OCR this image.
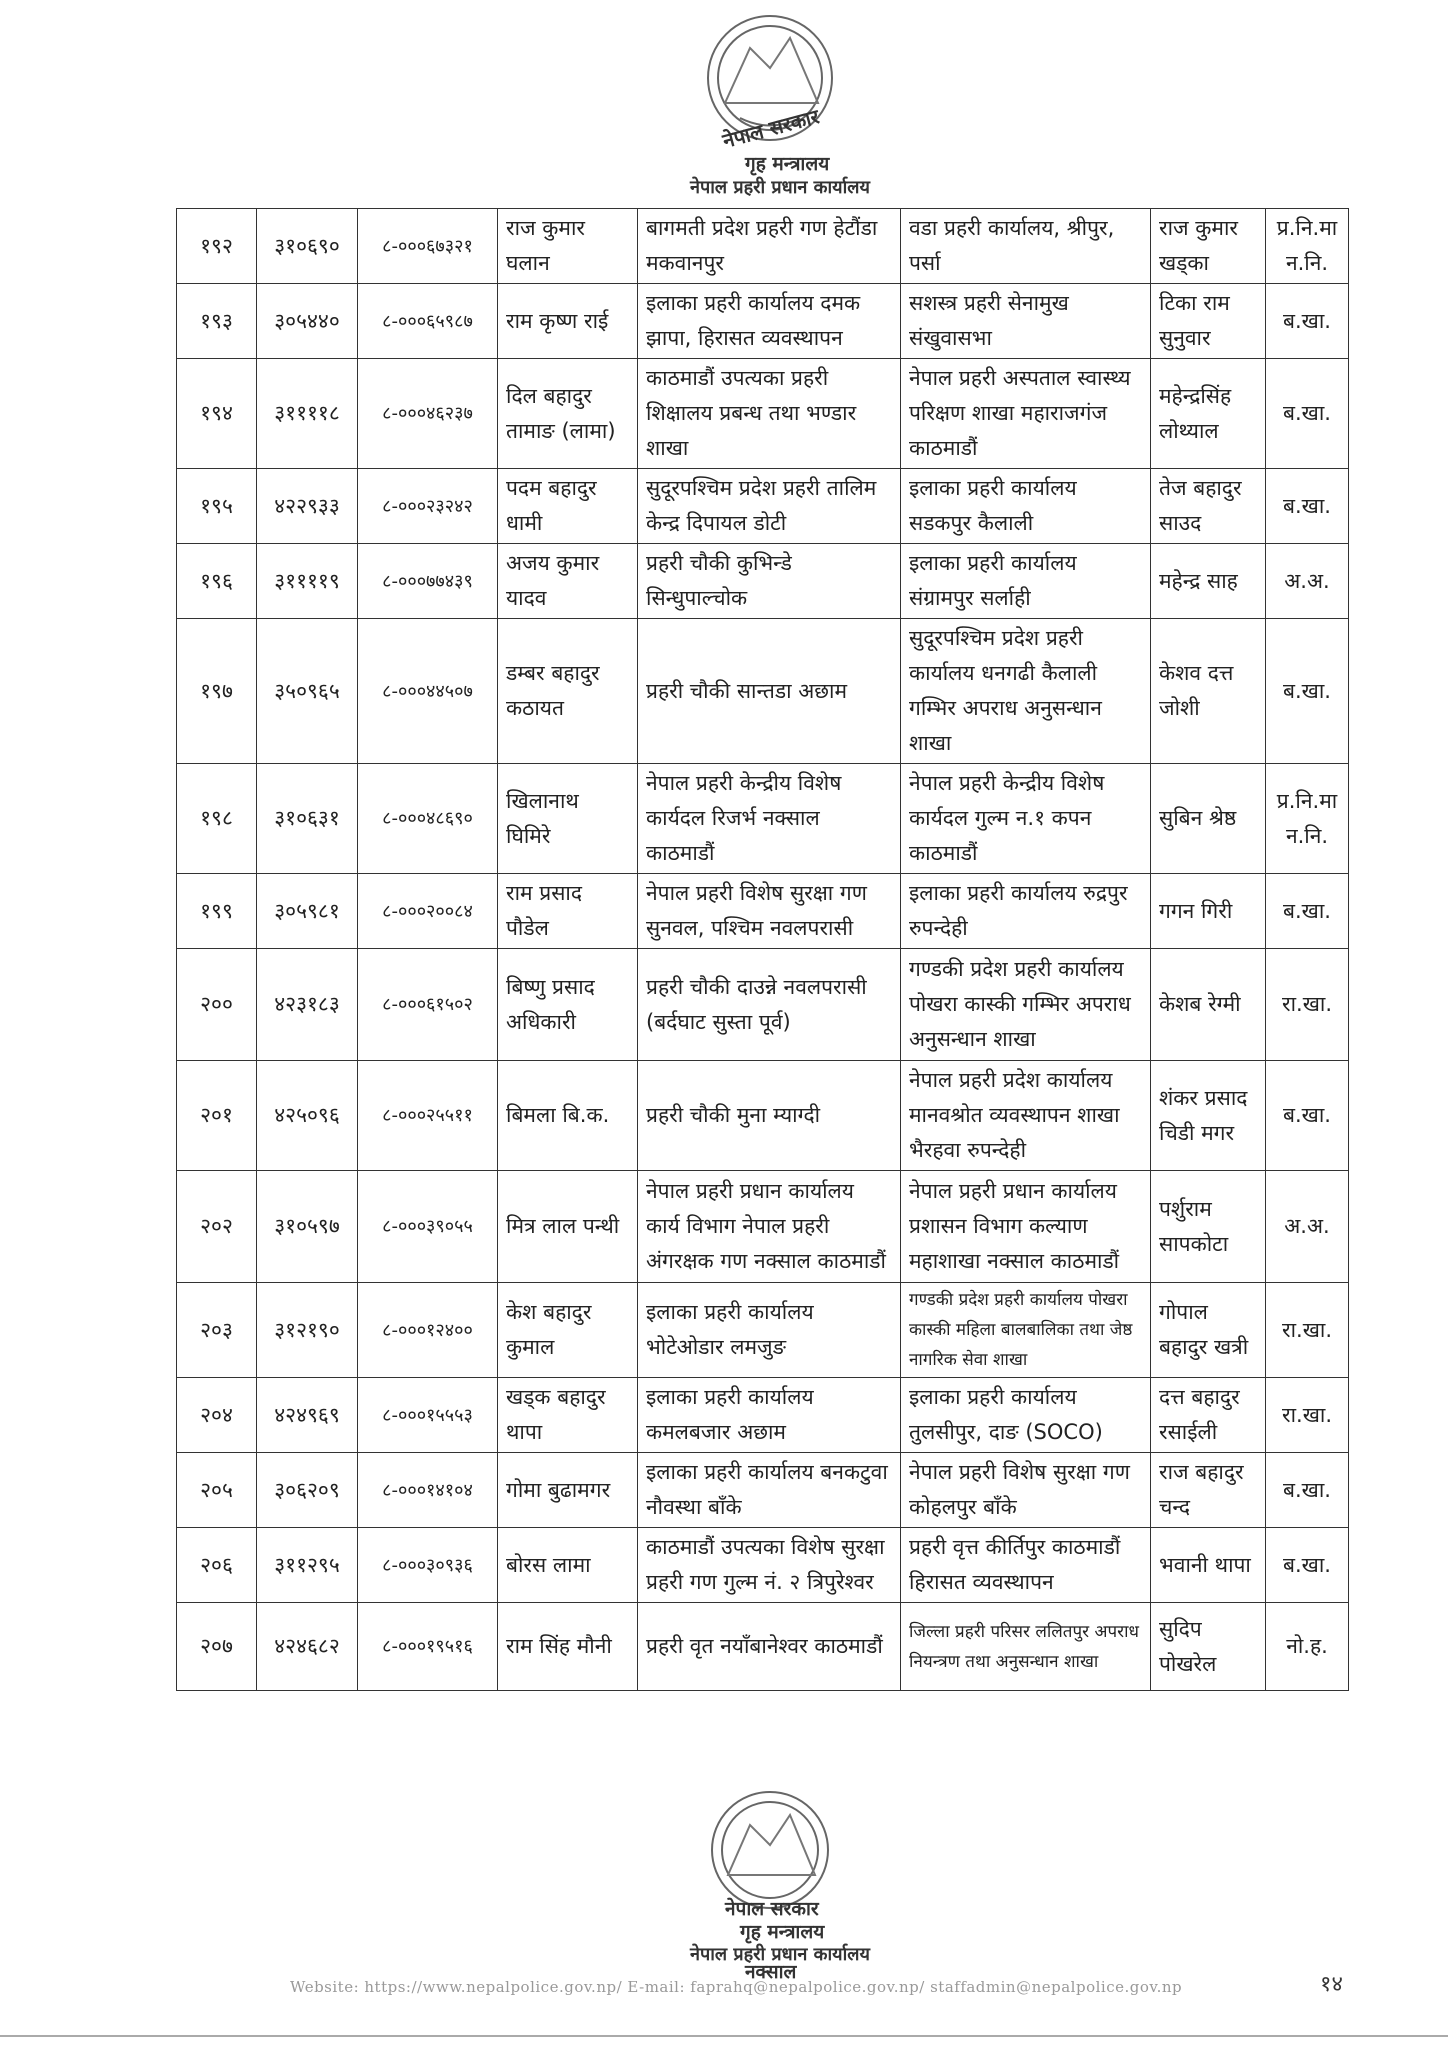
नेपाल सरकार
गृह मन्त्रालय
नेपाल प्रहरी प्रधान कार्यालय
१९२	३१०६९०	८-०००६७३२१	राज कुमार घलान	बागमती प्रदेश प्रहरी गण हेटौंडा मकवानपुर	वडा प्रहरी कार्यालय, श्रीपुर, पर्सा	राज कुमार खड्का	प्र.नि.मा न.नि.
१९३	३०५४४०	८-०००६५९८७	राम कृष्ण राई	इलाका प्रहरी कार्यालय दमक झापा, हिरासत व्यवस्थापन	सशस्त्र प्रहरी सेनामुख संखुवासभा	टिका राम सुनुवार	ब.खा.
१९४	३११११८	८-०००४६२३७	दिल बहादुर तामाङ (लामा)	काठमाडौं उपत्यका प्रहरी शिक्षालय प्रबन्ध तथा भण्डार शाखा	नेपाल प्रहरी अस्पताल स्वास्थ्य परिक्षण शाखा महाराजगंज काठमाडौं	महेन्द्रसिंह लोथ्याल	ब.खा.
१९५	४२२९३३	८-०००२३२४२	पदम बहादुर धामी	सुदूरपश्चिम प्रदेश प्रहरी तालिम केन्द्र दिपायल डोटी	इलाका प्रहरी कार्यालय सडकपुर कैलाली	तेज बहादुर साउद	ब.खा.
१९६	३११११९	८-०००७७४३९	अजय कुमार यादव	प्रहरी चौकी कुभिन्डे सिन्धुपाल्चोक	इलाका प्रहरी कार्यालय संग्रामपुर सर्लाही	महेन्द्र साह	अ.अ.
१९७	३५०९६५	८-०००४४५०७	डम्बर बहादुर कठायत	प्रहरी चौकी सान्तडा अछाम	सुदूरपश्चिम प्रदेश प्रहरी कार्यालय धनगढी कैलाली गम्भिर अपराध अनुसन्धान शाखा	केशव दत्त जोशी	ब.खा.
१९८	३१०६३१	८-०००४८६९०	खिलानाथ घिमिरे	नेपाल प्रहरी केन्द्रीय विशेष कार्यदल रिजर्भ नक्साल काठमाडौं	नेपाल प्रहरी केन्द्रीय विशेष कार्यदल गुल्म न.१ कपन काठमाडौं	सुबिन श्रेष्ठ	प्र.नि.मा न.नि.
१९९	३०५९८१	८-०००२००८४	राम प्रसाद पौडेल	नेपाल प्रहरी विशेष सुरक्षा गण सुनवल, पश्चिम नवलपरासी	इलाका प्रहरी कार्यालय रुद्रपुर रुपन्देही	गगन गिरी	ब.खा.
२००	४२३१८३	८-०००६१५०२	बिष्णु प्रसाद अधिकारी	प्रहरी चौकी दाउन्ने नवलपरासी (बर्दघाट सुस्ता पूर्व)	गण्डकी प्रदेश प्रहरी कार्यालय पोखरा कास्की गम्भिर अपराध अनुसन्धान शाखा	केशब रेग्मी	रा.खा.
२०१	४२५०९६	८-०००२५५११	बिमला बि.क.	प्रहरी चौकी मुना म्याग्दी	नेपाल प्रहरी प्रदेश कार्यालय मानवश्रोत व्यवस्थापन शाखा भैरहवा रुपन्देही	शंकर प्रसाद चिडी मगर	ब.खा.
२०२	३१०५९७	८-०००३९०५५	मित्र लाल पन्थी	नेपाल प्रहरी प्रधान कार्यालय कार्य विभाग नेपाल प्रहरी अंगरक्षक गण नक्साल काठमाडौं	नेपाल प्रहरी प्रधान कार्यालय प्रशासन विभाग कल्याण महाशाखा नक्साल काठमाडौं	पर्शुराम सापकोटा	अ.अ.
२०३	३१२१९०	८-०००१२४००	केश बहादुर कुमाल	इलाका प्रहरी कार्यालय भोटेओडार लमजुङ	गण्डकी प्रदेश प्रहरी कार्यालय पोखरा कास्की महिला बालबालिका तथा जेष्ठ नागरिक सेवा शाखा	गोपाल बहादुर खत्री	रा.खा.
२०४	४२४९६९	८-०००१५५५३	खड्क बहादुर थापा	इलाका प्रहरी कार्यालय कमलबजार अछाम	इलाका प्रहरी कार्यालय तुलसीपुर, दाङ (SOCO)	दत्त बहादुर रसाईली	रा.खा.
२०५	३०६२०९	८-०००१४१०४	गोमा बुढामगर	इलाका प्रहरी कार्यालय बनकटुवा नौवस्था बाँके	नेपाल प्रहरी विशेष सुरक्षा गण कोहलपुर बाँके	राज बहादुर चन्द	ब.खा.
२०६	३११२९५	८-०००३०९३६	बोरस लामा	काठमाडौं उपत्यका विशेष सुरक्षा प्रहरी गण गुल्म नं. २ त्रिपुरेश्वर	प्रहरी वृत्त कीर्तिपुर काठमाडौं हिरासत व्यवस्थापन	भवानी थापा	ब.खा.
२०७	४२४६८२	८-०००१९५१६	राम सिंह मौनी	प्रहरी वृत नयाँबानेश्वर काठमाडौं	जिल्ला प्रहरी परिसर ललितपुर अपराध नियन्त्रण तथा अनुसन्धान शाखा	सुदिप पोखरेल	नो.ह.
नेपाल सरकार
गृह मन्त्रालय
नेपाल प्रहरी प्रधान कार्यालय
नक्साल
Website: https://www.nepalpolice.gov.np/ E-mail: faprahq@nepalpolice.gov.np/ staffadmin@nepalpolice.gov.np	१४
